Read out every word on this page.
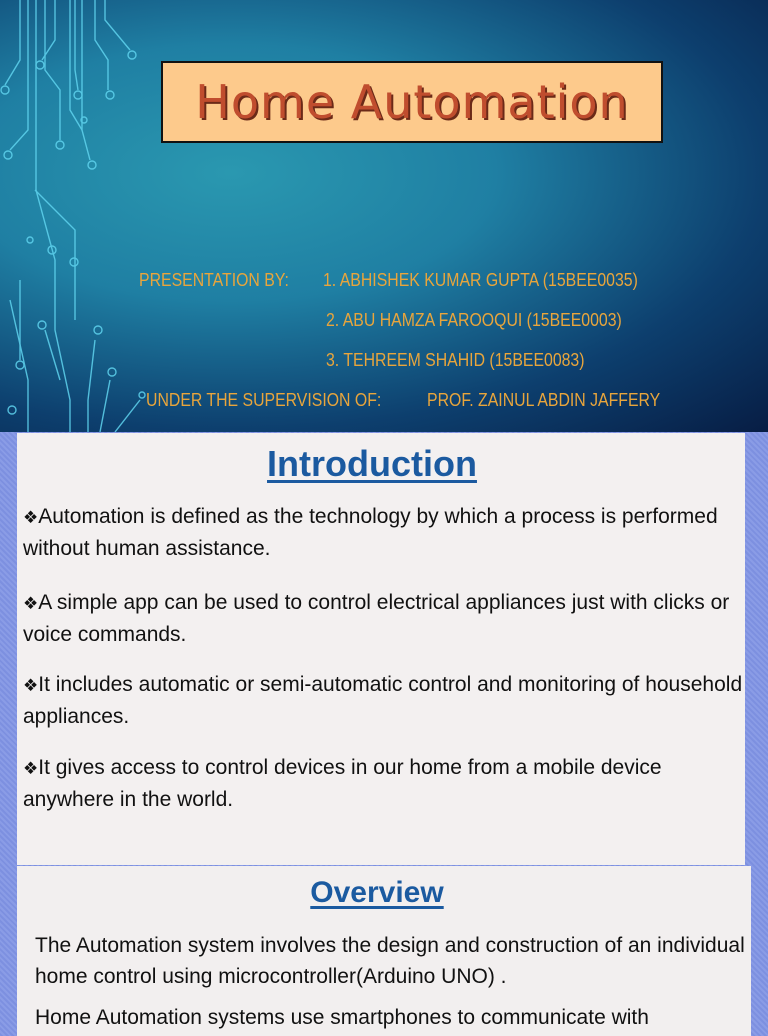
Home Automation
PRESENTATION BY: 1. ABHISHEK KUMAR GUPTA (15BEE0035)
2. ABU HAMZA FAROOQUI (15BEE0003)
3. TEHREEM SHAHID (15BEE0083)
UNDER THE SUPERVISION OF:	PROF. ZAINUL ABDIN JAFFERY
Introduction
❖Automation is defined as the technology by which a process is performed without human assistance.
❖A simple app can be used to control electrical appliances just with clicks or voice commands.
❖It includes automatic or semi-automatic control and monitoring of household appliances.
❖It gives access to control devices in our home from a mobile device anywhere in the world.
Overview
The Automation system involves the design and construction of an individual home control using microcontroller(Arduino UNO) .
Home Automation systems use smartphones to communicate with
